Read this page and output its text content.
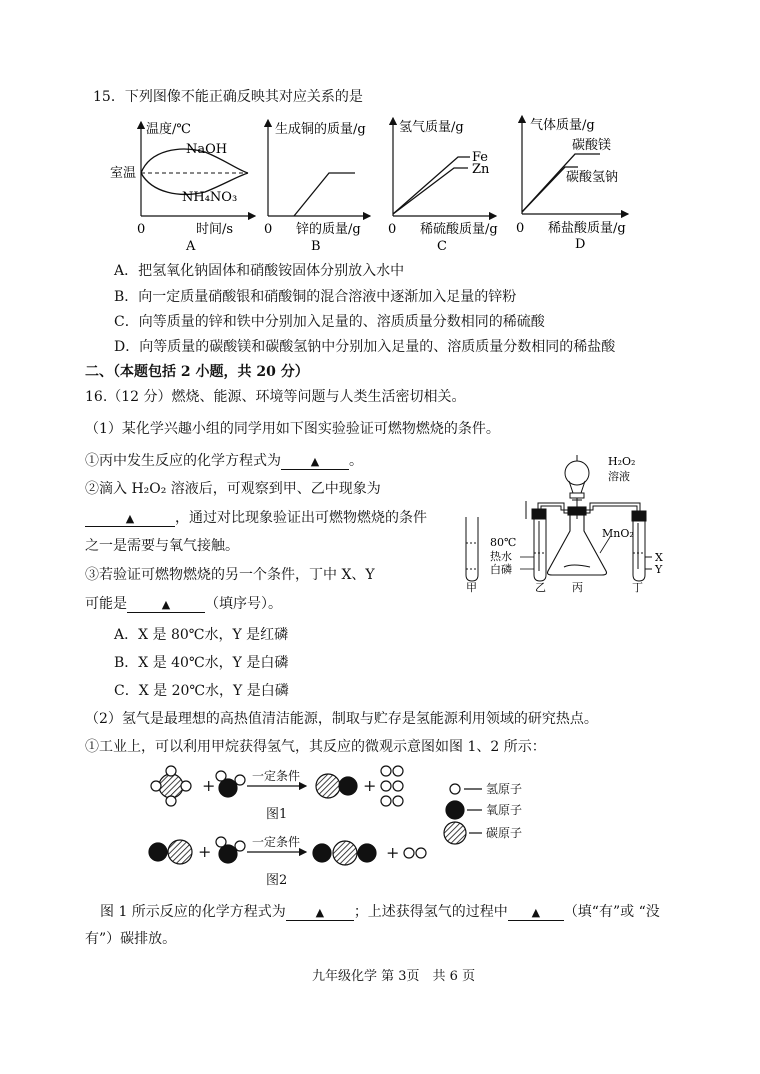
15．下列图像不能正确反映其对应关系的是
温度/℃
NaOH
室温
NH₄NO₃
0	时间/s
A
生成铜的质量/g
0 锌的质量/g
B
氢气质量/g
Fe
Zn
0 稀硫酸质量/g
C
气体质量/g
碳酸镁
碳酸氢钠
0 稀盐酸质量/g
D
A．把氢氧化钠固体和硝酸铵固体分别放入水中
B．向一定质量硝酸银和硝酸铜的混合溶液中逐渐加入足量的锌粉
C．向等质量的锌和铁中分别加入足量的、溶质质量分数相同的稀硫酸
D．向等质量的碳酸镁和碳酸氢钠中分别加入足量的、溶质质量分数相同的稀盐酸
二、（本题包括 2 小题，共 20 分）
16.（12 分）燃烧、能源、环境等问题与人类生活密切相关。
（1）某化学兴趣小组的同学用如下图实验验证可燃物燃烧的条件。
①丙中发生反应的化学方程式为	▲ 。
②滴入 H₂O₂ 溶液后，可观察到甲、乙中现象为
▲	，通过对比现象验证出可燃物燃烧的条件
之一是需要与氧气接触。
③若验证可燃物燃烧的另一个条件，丁中 X、Y
可能是	▲ （填序号）。
A．X 是 80℃水，Y 是红磷
B．X 是 40℃水，Y 是白磷
C．X 是 20℃水，Y 是白磷
H₂O₂
溶液
80℃
热水
白磷
MnO₂
X
Y
甲	乙 丙	丁
（2）氢气是最理想的高热值清洁能源，制取与贮存是氢能源利用领域的研究热点。
①工业上，可以利用甲烷获得氢气，其反应的微观示意图如图 1、2 所示：
+	+
一定条件
图1
+	+
一定条件
图2
氢原子
氧原子
碳原子
图 1 所示反应的化学方程式为	▲ ；上述获得氢气的过程中 ▲ （填“有”或 “没
有”）碳排放。
九年级化学 第 3页　共 6 页
